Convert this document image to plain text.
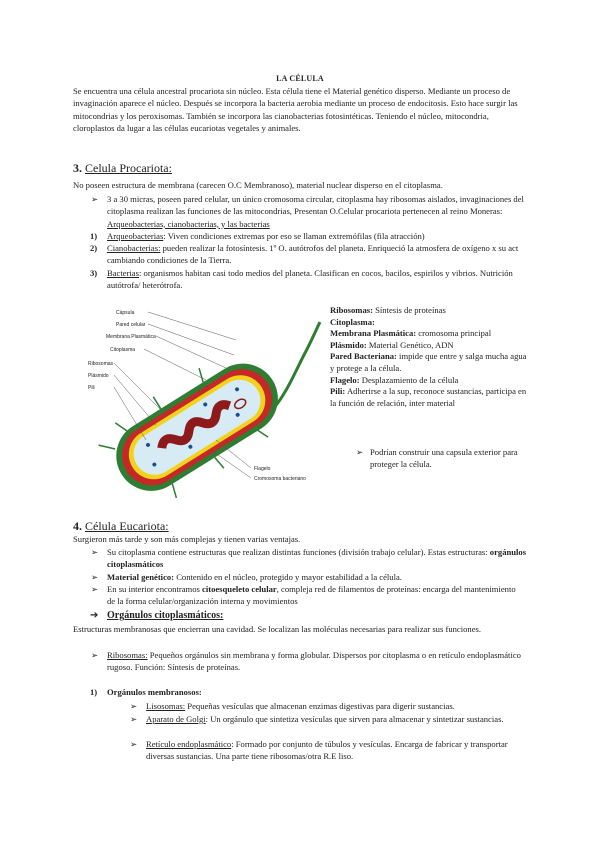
LA CÉLULA

Se encuentra una célula ancestral procariota sin núcleo. Esta célula tiene el Material genético disperso. Mediante un proceso de invaginación aparece el núcleo. Después se incorpora la bacteria aerobia mediante un proceso de endocitosis. Esto hace surgir las mitocondrias y los peroxisomas. También se incorpora las cianobacterias fotosintéticas. Teniendo el núcleo, mitocondria, cloroplastos da lugar a las células eucariotas vegetales y animales.

3. Celula Procariota:

No poseen estructura de membrana (carecen O.C Membranoso), material nuclear disperso en el citoplasma.

➢	3 a 30 micras, poseen pared celular, un único cromosoma circular, citoplasma hay ribosomas aislados, invaginaciones del citoplasma realizan las funciones de las mitocondrias, Presentan O.Celular procariota pertenecen al reino Moneras: Arqueobacterias, cianobacterias, y las bacterias

1) Arqueobacterias: Viven condiciones extremas por eso se llaman extremófilas (fila atracción)

2) Cianobacterias: pueden realizar la fotosíntesis. 1º O. autótrofos del planeta. Enriqueció la atmosfera de oxígeno x su act cambiando condiciones de la Tierra.

3) Bacterias: organismos habitan casi todo medios del planeta. Clasifican en cocos, bacilos, espirilos y vibrios. Nutrición autótrofa/ heterótrofa.

Cápsula
Pared celular
Membrana Plasmática
Citoplasma
Ribosomas
Plásmido
Pili
Flagelo
Cromosoma bacteriano

Ribosomas: Síntesis de proteínas

Citoplasma:

Membrana Plasmática: cromosoma principal

Plásmido: Material Genético, ADN

Pared Bacteriana: impide que entre y salga mucha agua y protege a la célula.

Flagelo: Desplazamiento de la célula

Pili: Adherirse a la sup, reconoce sustancias, participa en la función de relación, inter material

➢ Podrían construir una capsula exterior para proteger la célula.

4. Célula Eucariota:

Surgieron más tarde y son más complejas y tienen varias ventajas.

➢	Su citoplasma contiene estructuras que realizan distintas funciones (división trabajo celular). Estas estructuras: orgánulos citoplasmáticos

➢	Material genético: Contenido en el núcleo, protegido y mayor estabilidad a la célula.

➢	En su interior encontramos citoesqueleto celular, compleja red de filamentos de proteínas: encarga del mantenimiento de la forma celular/organización interna y movimientos

➔ Orgánulos citoplasmáticos:

Estructuras membranosas que encierran una cavidad. Se localizan las moléculas necesarias para realizar sus funciones.

➢	Ribosomas: Pequeños orgánulos sin membrana y forma globular. Dispersos por citoplasma o en retículo endoplasmático rugoso. Función: Síntesis de proteínas.

1) Orgánulos membranosos:

➢	Lisosomas: Pequeñas vesículas que almacenan enzimas digestivas para digerir sustancias.

➢	Aparato de Golgi: Un orgánulo que sintetiza vesículas que sirven para almacenar y sintetizar sustancias.

➢	Retículo endoplasmático: Formado por conjunto de túbulos y vesículas. Encarga de fabricar y transportar diversas sustancias. Una parte tiene ribosomas/otra R.E liso.
